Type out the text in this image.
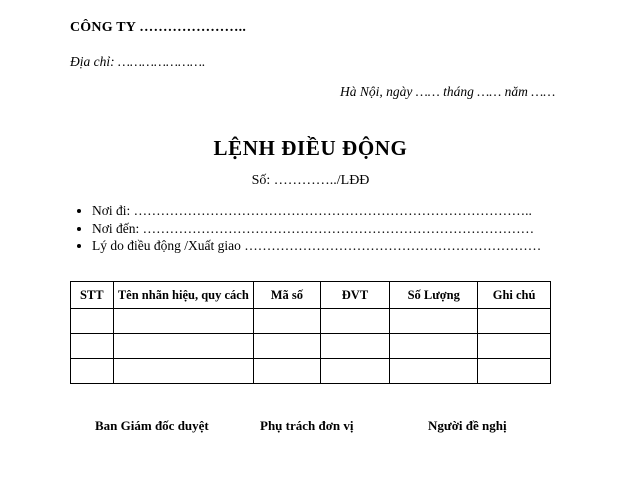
CÔNG TY …………………..
Địa chỉ: ………………….
Hà Nội, ngày …… tháng …… năm ……
LỆNH ĐIỀU ĐỘNG
Số: …………../LĐĐ
• Nơi đi: ……………………………………………………………………………..
• Nơi đến: ……………………………………………………………………………
• Lý do điều động /Xuất giao …………………………………………………………
STT	Tên nhãn hiệu, quy cách	Mã số	ĐVT	Số Lượng	Ghi chú

Ban Giám đốc duyệt	Phụ trách đơn vị	Người đề nghị
